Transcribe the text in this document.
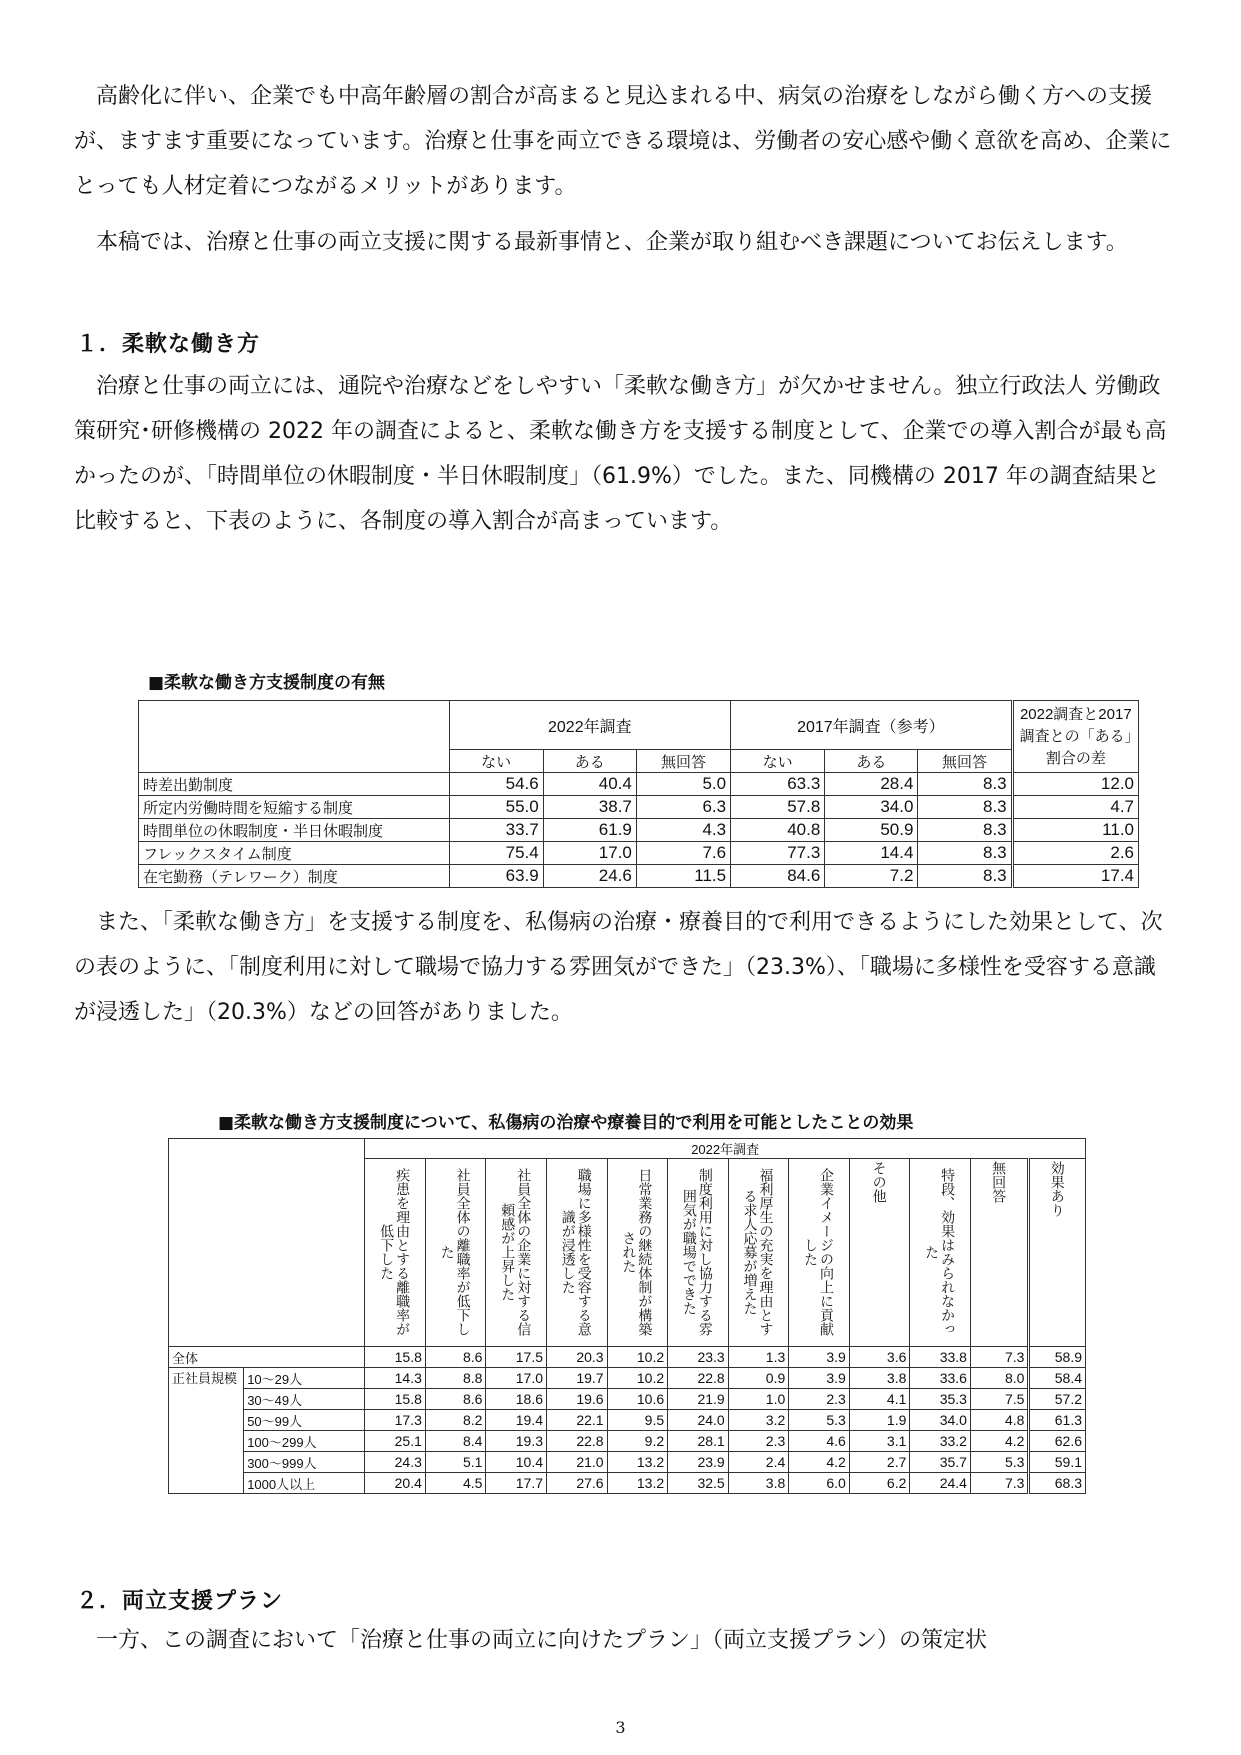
高齢化に伴い、企業でも中高年齢層の割合が高まると見込まれる中、病気の治療をしながら働く方への支援が、ますます重要になっています。治療と仕事を両立できる環境は、労働者の安心感や働く意欲を高め、企業にとっても人材定着につながるメリットがあります。

本稿では、治療と仕事の両立支援に関する最新事情と、企業が取り組むべき課題についてお伝えします。

１．柔軟な働き方

治療と仕事の両立には、通院や治療などをしやすい「柔軟な働き方」が欠かせません。独立行政法人 労働政策研究･研修機構の 2022 年の調査によると、柔軟な働き方を支援する制度として、企業での導入割合が最も高かったのが、「時間単位の休暇制度・半日休暇制度」（61.9%）でした。また、同機構の 2017 年の調査結果と比較すると、下表のように、各制度の導入割合が高まっています。

■柔軟な働き方支援制度の有無

	2022年調査			2017年調査（参考）			2022調査と2017調査との「ある」割合の差
	ない	ある	無回答	ない	ある	無回答	
時差出勤制度	54.6	40.4	5.0	63.3	28.4	8.3	12.0
所定内労働時間を短縮する制度	55.0	38.7	6.3	57.8	34.0	8.3	4.7
時間単位の休暇制度・半日休暇制度	33.7	61.9	4.3	40.8	50.9	8.3	11.0
フレックスタイム制度	75.4	17.0	7.6	77.3	14.4	8.3	2.6
在宅勤務（テレワーク）制度	63.9	24.6	11.5	84.6	7.2	8.3	17.4

また、「柔軟な働き方」を支援する制度を、私傷病の治療・療養目的で利用できるようにした効果として、次の表のように、「制度利用に対して職場で協力する雰囲気ができた」（23.3%）、「職場に多様性を受容する意識が浸透した」（20.3%）などの回答がありました。

■柔軟な働き方支援制度について、私傷病の治療や療養目的で利用を可能としたことの効果

		2022年調査											

		疾患を理由とする離職率が低下した	社員全体の離職率が低下した	社員全体の企業に対する信頼感が上昇した	職場に多様性を受容する意識が浸透した	日常業務の継続体制が構築された	制度利用に対し協力する雰囲気が職場でできた	福利厚生の充実を理由とする求人応募が増えた	企業イメージの向上に貢献した	その他	特段、効果はみられなかった	無回答	効果あり

全体		15.8	8.6	17.5	20.3	10.2	23.3	1.3	3.9	3.6	33.8	7.3	58.9
正社員規模	10～29人	14.3	8.8	17.0	19.7	10.2	22.8	0.9	3.9	3.8	33.6	8.0	58.4
	30～49人	15.8	8.6	18.6	19.6	10.6	21.9	1.0	2.3	4.1	35.3	7.5	57.2
	50～99人	17.3	8.2	19.4	22.1	9.5	24.0	3.2	5.3	1.9	34.0	4.8	61.3
	100～299人	25.1	8.4	19.3	22.8	9.2	28.1	2.3	4.6	3.1	33.2	4.2	62.6
	300～999人	24.3	5.1	10.4	21.0	13.2	23.9	2.4	4.2	2.7	35.7	5.3	59.1
	1000人以上	20.4	4.5	17.7	27.6	13.2	32.5	3.8	6.0	6.2	24.4	7.3	68.3

２．両立支援プラン

一方、この調査において「治療と仕事の両立に向けたプラン」（両立支援プラン）の策定状

3
